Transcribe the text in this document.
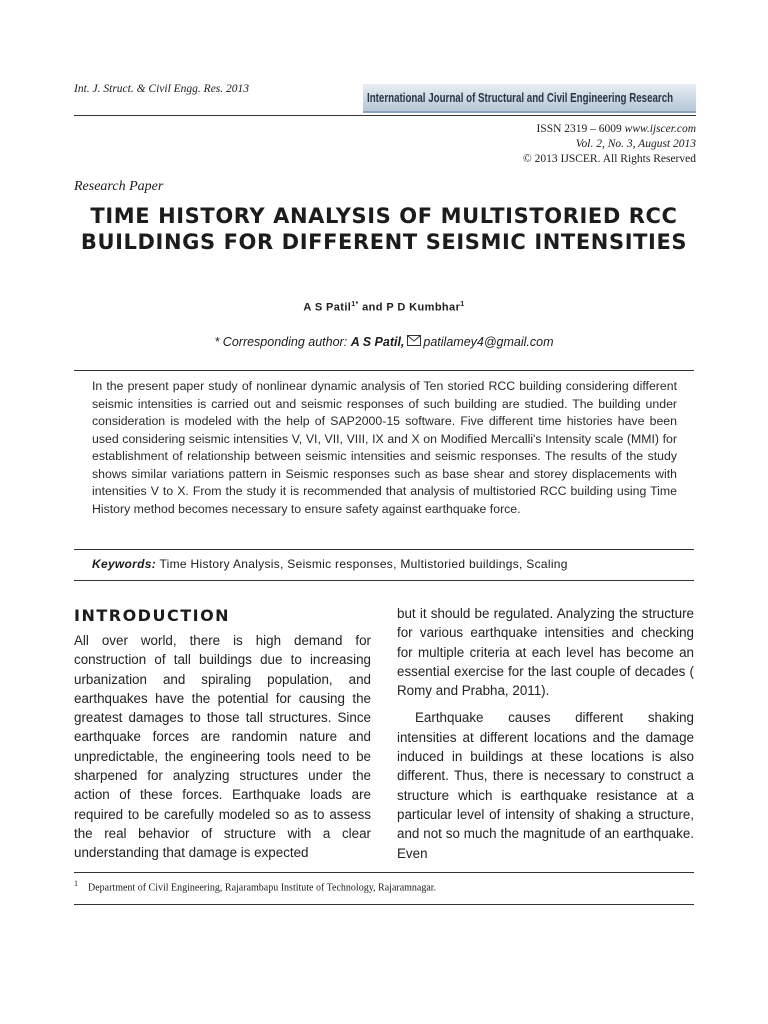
Int. J. Struct. & Civil Engg. Res. 2013
International Journal of Structural and Civil Engineering Research
ISSN 2319 – 6009 www.ijscer.com
Vol. 2, No. 3, August 2013
© 2013 IJSCER. All Rights Reserved
Research Paper
TIME HISTORY ANALYSIS OF MULTISTORIED RCC BUILDINGS FOR DIFFERENT SEISMIC INTENSITIES
A S Patil$^{1*}$ and P D Kumbhar$^1$
* Corresponding author: A S Patil, patilamey4@gmail.com
In the present paper study of nonlinear dynamic analysis of Ten storied RCC building considering different seismic intensities is carried out and seismic responses of such building are studied. The building under consideration is modeled with the help of SAP2000-15 software. Five different time histories have been used considering seismic intensities V, VI, VII, VIII, IX and X on Modified Mercalli's Intensity scale (MMI) for establishment of relationship between seismic intensities and seismic responses. The results of the study shows similar variations pattern in Seismic responses such as base shear and storey displacements with intensities V to X. From the study it is recommended that analysis of multistoried RCC building using Time History method becomes necessary to ensure safety against earthquake force.
Keywords: Time History Analysis, Seismic responses, Multistoried buildings, Scaling
INTRODUCTION

All over world, there is high demand for construction of tall buildings due to increasing urbanization and spiraling population, and earthquakes have the potential for causing the greatest damages to those tall structures. Since earthquake forces are randomin nature and unpredictable, the engineering tools need to be sharpened for analyzing structures under the action of these forces. Earthquake loads are required to be carefully modeled so as to assess the real behavior of structure with a clear understanding that damage is expected

but it should be regulated. Analyzing the structure for various earthquake intensities and checking for multiple criteria at each level has become an essential exercise for the last couple of decades ( Romy and Prabha, 2011).

Earthquake causes different shaking intensities at different locations and the damage induced in buildings at these locations is also different. Thus, there is necessary to construct a structure which is earthquake resistance at a particular level of intensity of shaking a structure, and not so much the magnitude of an earthquake. Even

$^1$ Department of Civil Engineering, Rajarambapu Institute of Technology, Rajaramnagar.
